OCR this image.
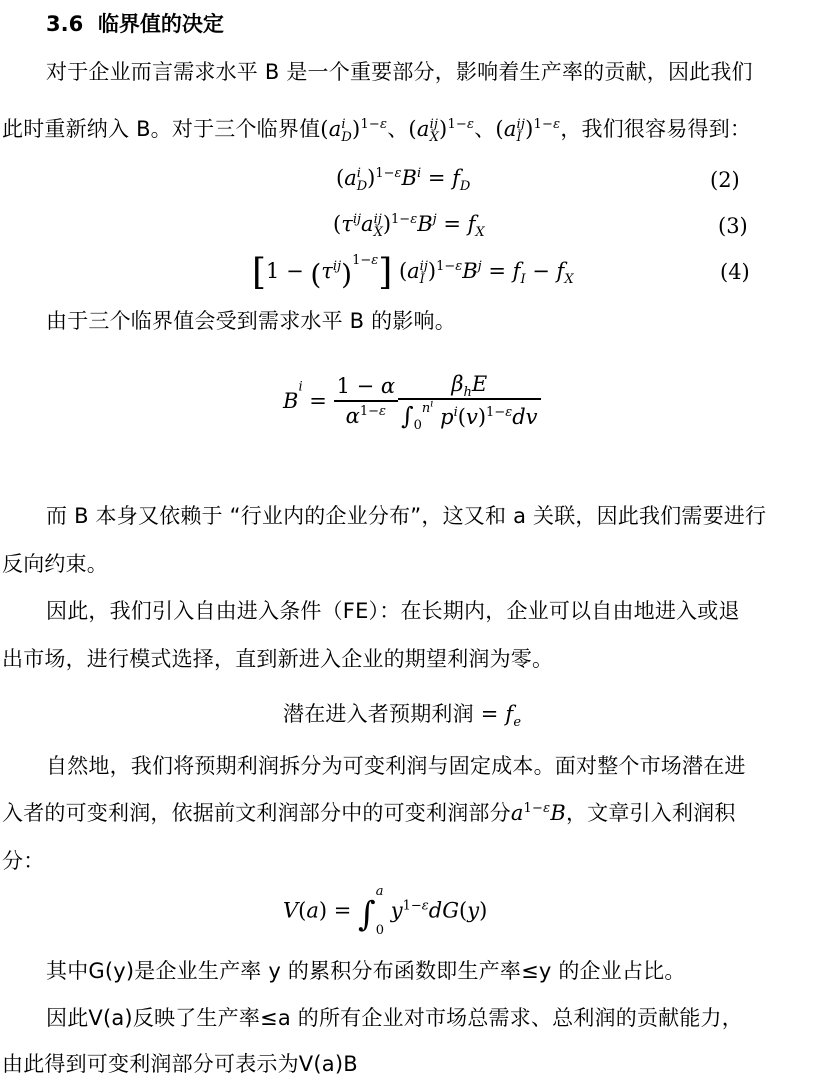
3.6 临界值的决定
对于企业而言需求水平 B 是一个重要部分，影响着生产率的贡献，因此我们
此时重新纳入 B。对于三个临界值(a i
D )$^{1-\varepsilon}$、(a ij
X )$^{1-\varepsilon}$、(a ij
I )$^{1-\varepsilon}$，我们很容易得到：
(a i
D )$^{1-\varepsilon}B^i = f_D$	(2)
($\tau^{ij}a$ ij
X )$^{1-\varepsilon}B^j = f_X$	(3)
$[1 - (\tau^{ij})^{1-\varepsilon}]$ (a ij
I )$^{1-\varepsilon}B^j = f_I - f_X$	(4)
由于三个临界值会受到需求水平 B 的影响。
$B^i = \frac{1 - \alpha}{\alpha^{1-\varepsilon}} \frac{\beta_hE}{\int_0^{n^i} p^i(v)^{1-\varepsilon}dv}$
而 B 本身又依赖于 “行业内的企业分布”，这又和 a 关联，因此我们需要进行
反向约束。
因此，我们引入自由进入条件（FE）：在长期内，企业可以自由地进入或退
出市场，进行模式选择，直到新进入企业的期望利润为零。
潜在进入者预期利润 = $f_e$
自然地，我们将预期利润拆分为可变利润与固定成本。面对整个市场潜在进
入者的可变利润，依据前文利润部分中的可变利润部分$a^{1-\varepsilon}B$，文章引入利润积
分：
V(a) = ∫
a
0
$y^{1-\varepsilon}dG(y)$
其中G(y)是企业生产率 y 的累积分布函数即生产率≤y 的企业占比。
因此V(a)反映了生产率≤a 的所有企业对市场总需求、总利润的贡献能力，
由此得到可变利润部分可表示为V(a)B
